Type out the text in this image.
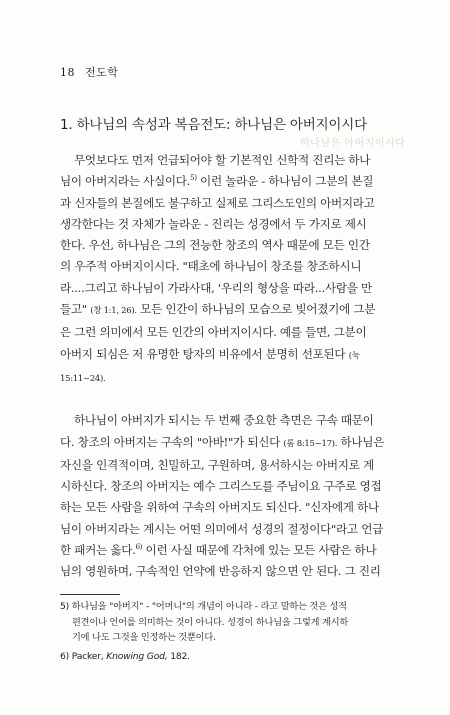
18 전도학
1. 하나님의 속성과 복음전도: 하나님은 아버지이시다
하나님은 아버지이시다

무엇보다도 먼저 언급되어야 할 기본적인 신학적 진리는 하나
님이 아버지라는 사실이다.$^{5)}$ 이런 놀라운 - 하나님이 그분의 본질
과 신자들의 본질에도 불구하고 실제로 그리스도인의 아버지라고
생각한다는 것 자체가 놀라운 - 진리는 성경에서 두 가지로 제시
한다. 우선, 하나님은 그의 전능한 창조의 역사 때문에 모든 인간
의 우주적 아버지이시다. "태초에 하나님이 창조를 창조하시니
라....그리고 하나님이 가라사대, '우리의 형상을 따라...사람을 만
들고" (창 1:1, 26). 모든 인간이 하나님의 모습으로 빚어졌기에 그분
은 그런 의미에서 모든 인간의 아버지이시다. 예를 들면, 그분이
아버지 되심은 저 유명한 탕자의 비유에서 분명히 선포된다 (눅
15:11~24).

하나님이 아버지가 되시는 두 번째 중요한 측면은 구속 때문이
다. 창조의 아버지는 구속의 "아바!"가 되신다 (롬 8:15~17). 하나님은
자신을 인격적이며, 친밀하고, 구원하며, 용서하시는 아버지로 계
시하신다. 창조의 아버지는 예수 그리스도를 주님이요 구주로 영접
하는 모든 사람을 위하여 구속의 아버지도 되신다. "신자에게 하나
님이 아버지라는 계시는 어떤 의미에서 성경의 절정이다"라고 언급
한 패커는 옳다.$^{6)}$ 이런 사실 때문에 각처에 있는 모든 사람은 하나
님의 영원하며, 구속적인 언약에 반응하지 않으면 안 된다. 그 진리

5) 하나님을 "아버지" - "어머니"의 개념이 아니라 - 라고 말하는 것은 성적
편견이나 언어를 의미하는 것이 아니다. 성경이 하나님을 그렇게 계시하
기에 나도 그것을 인정하는 것뿐이다.
6) Packer, Knowing God, 182.
